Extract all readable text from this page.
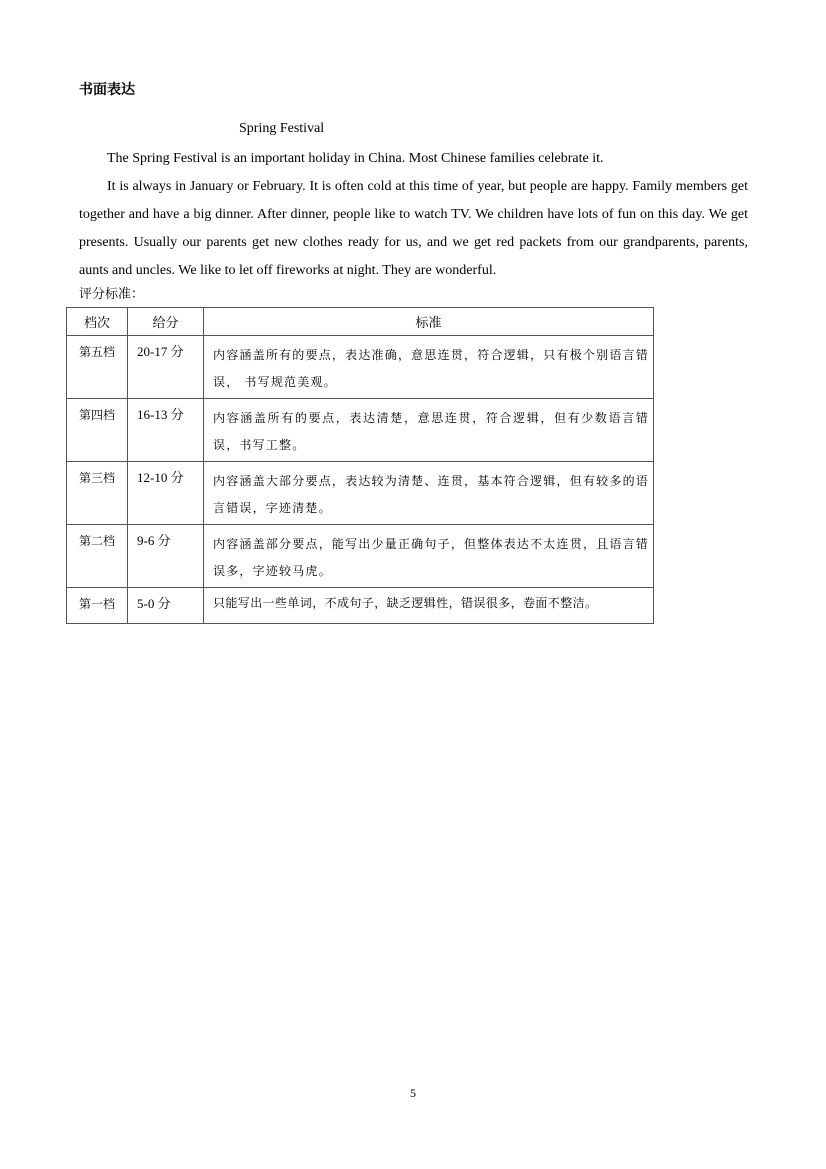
书面表达
Spring Festival

The Spring Festival is an important holiday in China. Most Chinese families celebrate it.

It is always in January or February. It is often cold at this time of year, but people are happy. Family members get together and have a big dinner. After dinner, people like to watch TV. We children have lots of fun on this day. We get presents. Usually our parents get new clothes ready for us, and we get red packets from our grandparents, parents, aunts and uncles. We like to let off fireworks at night. They are wonderful.

评分标准：
档次	给分	标准
第五档	20-17 分	内容涵盖所有的要点，表达准确，意思连贯，符合逻辑，只有极个别语言错误， 书写规范美观。
第四档	16-13 分	内容涵盖所有的要点，表达清楚，意思连贯，符合逻辑，但有少数语言错误，书写工整。
第三档	12-10 分	内容涵盖大部分要点，表达较为清楚、连贯，基本符合逻辑，但有较多的语言错误，字迹清楚。
第二档	9-6 分	内容涵盖部分要点，能写出少量正确句子，但整体表达不太连贯，且语言错误多，字迹较马虎。
第一档	5-0 分	只能写出一些单词，不成句子，缺乏逻辑性，错误很多，卷面不整洁。
5
